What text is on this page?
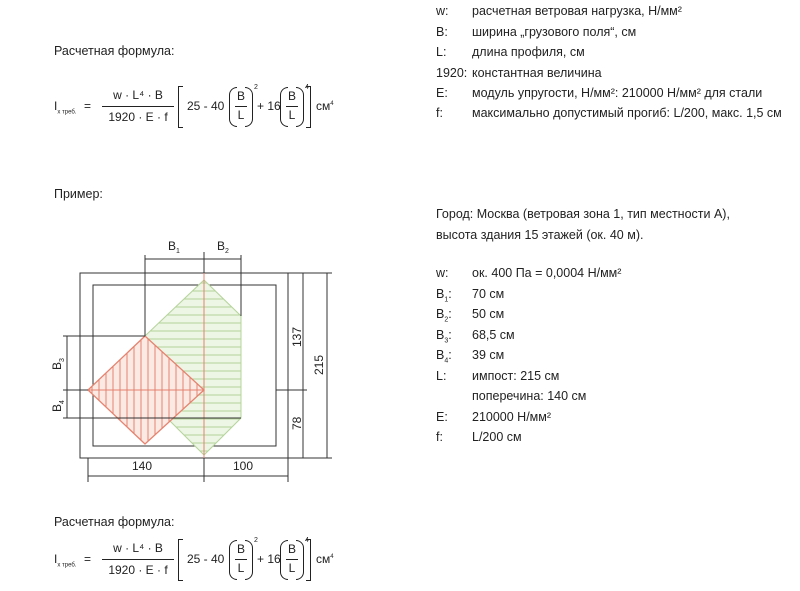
w: расчетная ветровая нагрузка, Н/мм²
B: ширина „грузового поля“, см
L: длина профиля, см
1920: константная величина
E: модуль упругости, Н/мм²: 210000 Н/мм² для стали
f: максимально допустимый прогиб: L/200, макс. 1,5 см
Расчетная формула:
$I_{x треб.}$ =
w · L⁴ · B
1920 · E · f
25 - 40
B
L
2
+ 16
B
L
4
$см^4$
Пример:
$B_1$	$B_2$
$B_3$
$B_4$
137
78
215
140	100
Город: Москва (ветровая зона 1, тип местности А),
высота здания 15 этажей (ок. 40 м).
w: ок. 400 Па = 0,0004 Н/мм²
$B_1$: 70 см
$B_2$: 50 см
$B_3$: 68,5 см
$B_4$: 39 см
L: импост: 215 см
поперечина: 140 см
E: 210000 Н/мм²
f: L/200 см
Расчетная формула:
$I_{x треб.}$ =
w · L⁴ · B
1920 · E · f
25 - 40
B
L
2
+ 16
B
L
4
$см^4$
